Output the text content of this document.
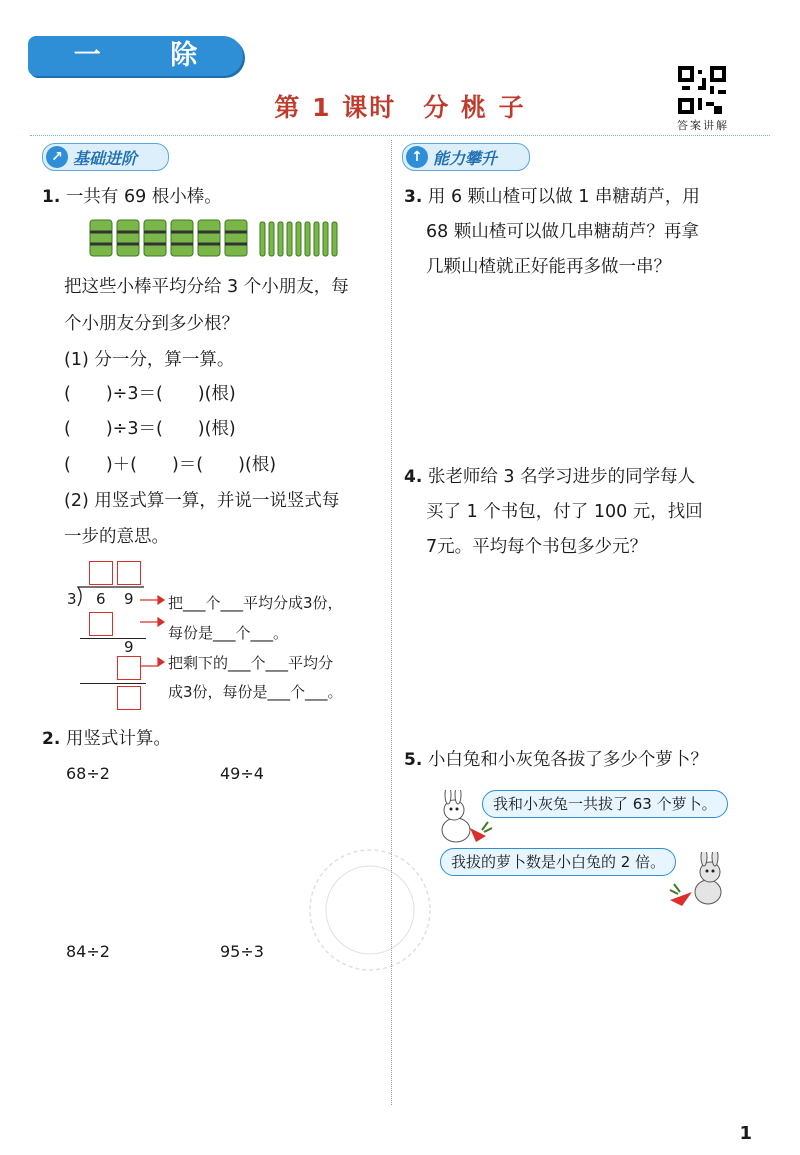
一 除 法	第 1 课时　分 桃 子
答案讲解
↗ 基础进阶
1. 一共有 69 根小棒。
把这些小棒平均分给 3 个小朋友，每
个小朋友分到多少根？
(1) 分一分，算一算。
(　　)÷3＝(　　)(根)
(　　)÷3＝(　　)(根)
(　　)＋(　　)＝(　　)(根)
(2) 用竖式算一算，并说一说竖式每
一步的意思。
3 6 9
9
把___个___平均分成3份，
每份是___个___。
把剩下的___个___平均分
成3份，每份是___个___。
2. 用竖式计算。
68÷2	49÷4
84÷2	95÷3
↑ 能力攀升
3. 用 6 颗山楂可以做 1 串糖葫芦，用
68 颗山楂可以做几串糖葫芦？再拿
几颗山楂就正好能再多做一串？
4. 张老师给 3 名学习进步的同学每人
买了 1 个书包，付了 100 元，找回
7元。平均每个书包多少元？
5. 小白兔和小灰兔各拔了多少个萝卜？
我和小灰兔一共拔了 63 个萝卜。
我拔的萝卜数是小白兔的 2 倍。
1
